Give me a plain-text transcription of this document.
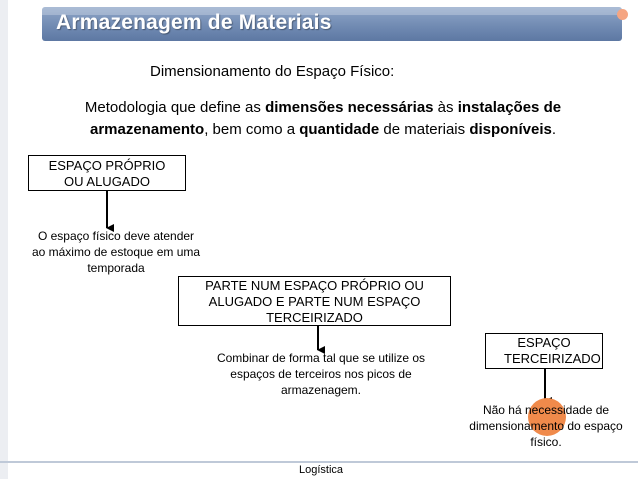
Armazenagem de Materiais
Dimensionamento do Espaço Físico:
Metodologia que define as dimensões necessárias às instalações de armazenamento, bem como a quantidade de materiais disponíveis.
ESPAÇO PRÓPRIO OU ALUGADO
O espaço físico deve atender ao máximo de estoque em uma temporada
PARTE NUM ESPAÇO PRÓPRIO OU ALUGADO E PARTE NUM ESPAÇO TERCEIRIZADO
Combinar de forma tal que se utilize os espaços de terceiros nos picos de armazenagem.
ESPAÇO TERCEIRIZADO
Não há necessidade de dimensionamento do espaço físico.
Logística
